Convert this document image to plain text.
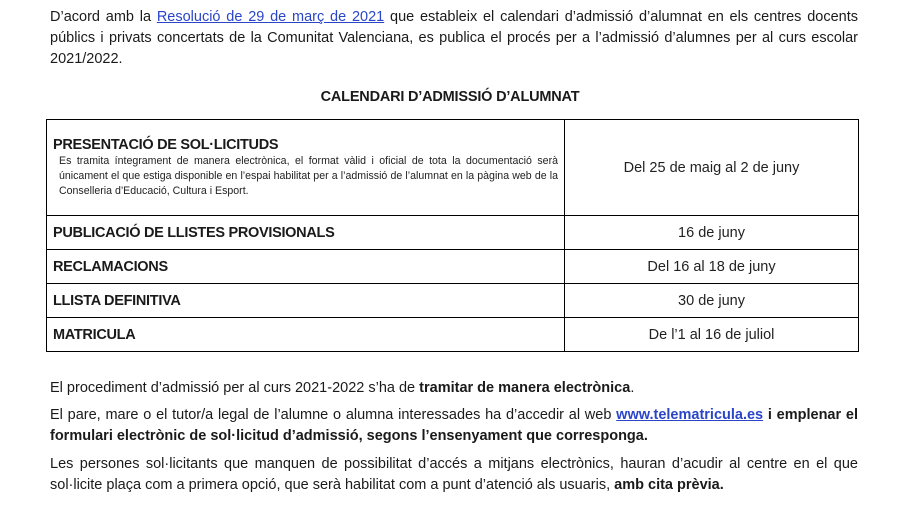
D’acord amb la Resolució de 29 de març de 2021 que estableix el calendari d’admissió d’alumnat en els centres docents públics i privats concertats de la Comunitat Valenciana, es publica el procés per a l’admissió d’alumnes per al curs escolar 2021/2022.
CALENDARI D’ADMISSIÓ D’ALUMNAT
PRESENTACIÓ DE SOL·LICITUDS
Es tramita íntegrament de manera electrònica, el format vàlid i oficial de tota la documentació serà únicament el que estiga disponible en l’espai habilitat per a l’admissió de l’alumnat en la pàgina web de la Conselleria d’Educació, Cultura i Esport.	Del 25 de maig al 2 de juny
PUBLICACIÓ DE LLISTES PROVISIONALS	16 de juny
RECLAMACIONS	Del 16 al 18 de juny
LLISTA DEFINITIVA	30 de juny
MATRICULA	De l’1 al 16 de juliol
El procediment d’admissió per al curs 2021-2022 s’ha de tramitar de manera electrònica.
El pare, mare o el tutor/a legal de l’alumne o alumna interessades ha d’accedir al web www.telematricula.es i emplenar el formulari electrònic de sol·licitud d’admissió, segons l’ensenyament que corresponga.
Les persones sol·licitants que manquen de possibilitat d’accés a mitjans electrònics, hauran d’acudir al centre en el que sol·licite plaça com a primera opció, que serà habilitat com a punt d’atenció als usuaris, amb cita prèvia.
